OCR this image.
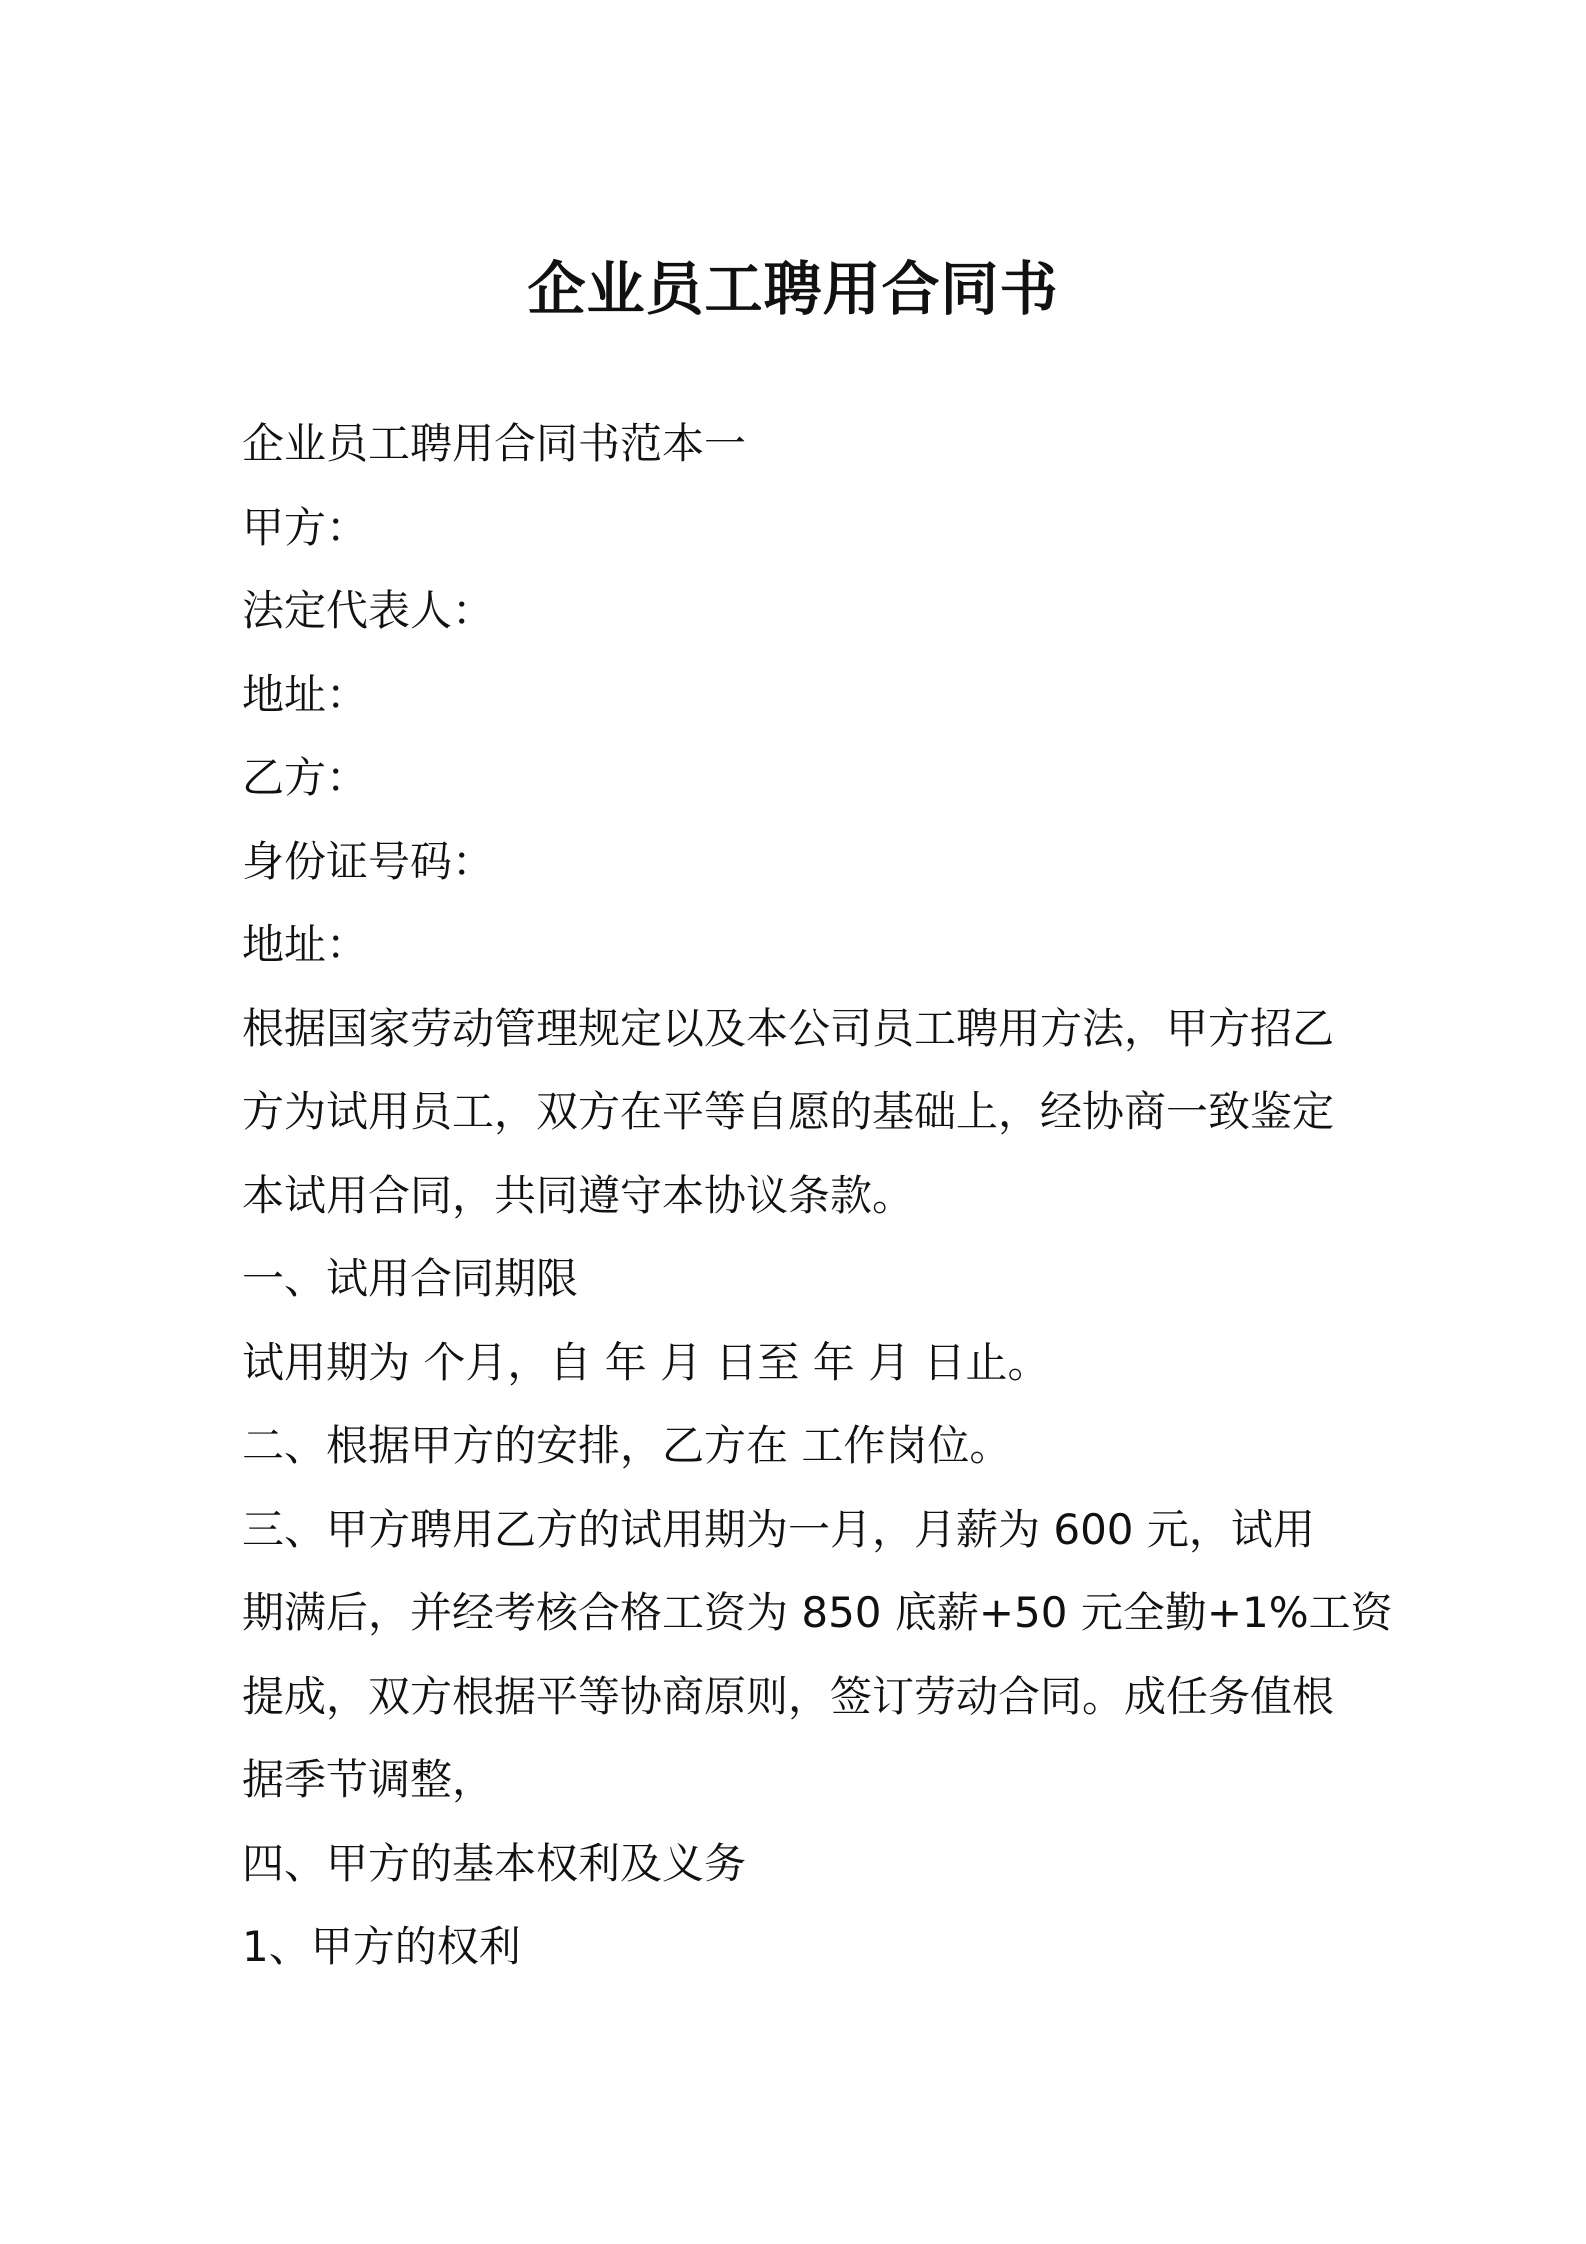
企业员工聘用合同书

企业员工聘用合同书范本一

甲方：

法定代表人：

地址：

乙方：

身份证号码：

地址：

根据国家劳动管理规定以及本公司员工聘用方法，甲方招乙

方为试用员工，双方在平等自愿的基础上，经协商一致鉴定

本试用合同，共同遵守本协议条款。

一、试用合同期限

试用期为 个月，自 年 月 日至 年 月 日止。

二、根据甲方的安排，乙方在 工作岗位。

三、甲方聘用乙方的试用期为一月，月薪为 600 元，试用

期满后，并经考核合格工资为 850 底薪+50 元全勤+1%工资

提成，双方根据平等协商原则，签订劳动合同。成任务值根

据季节调整，

四、甲方的基本权利及义务

1、甲方的权利
